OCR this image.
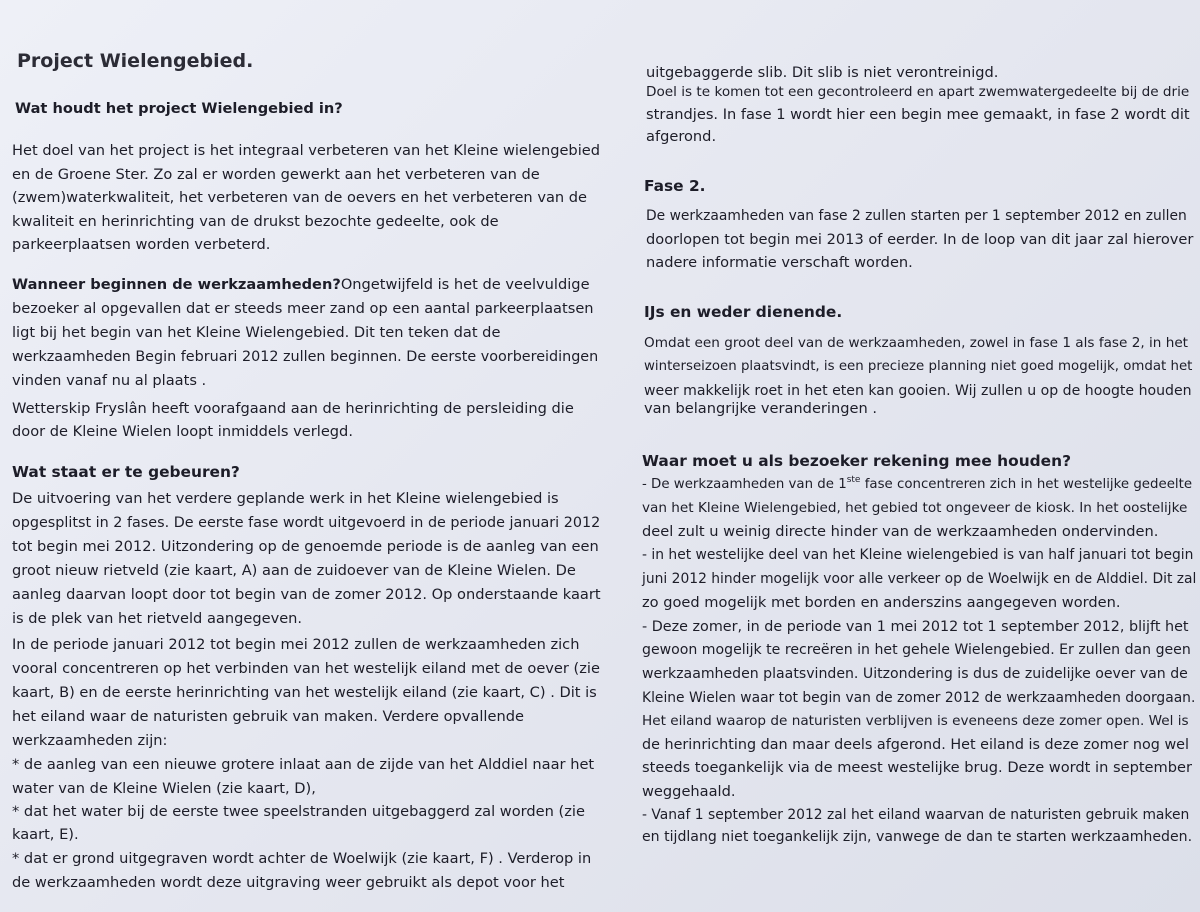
Project Wielengebied.
Wat houdt het project Wielengebied in?
Het doel van het project is het integraal verbeteren van het Kleine wielengebied
en de Groene Ster. Zo zal er worden gewerkt aan het verbeteren van de
(zwem)waterkwaliteit, het verbeteren van de oevers en het verbeteren van de
kwaliteit en herinrichting van de drukst bezochte gedeelte, ook de
parkeerplaatsen worden verbeterd.
Wanneer beginnen de werkzaamheden?Ongetwijfeld is het de veelvuldige
bezoeker al opgevallen dat er steeds meer zand op een aantal parkeerplaatsen
ligt bij het begin van het Kleine Wielengebied. Dit ten teken dat de
werkzaamheden Begin februari 2012 zullen beginnen. De eerste voorbereidingen
vinden vanaf nu al plaats .
Wetterskip Fryslân heeft voorafgaand aan de herinrichting de persleiding die
door de Kleine Wielen loopt inmiddels verlegd.
Wat staat er te gebeuren?
De uitvoering van het verdere geplande werk in het Kleine wielengebied is
opgesplitst in 2 fases. De eerste fase wordt uitgevoerd in de periode januari 2012
tot begin mei 2012. Uitzondering op de genoemde periode is de aanleg van een
groot nieuw rietveld (zie kaart, A) aan de zuidoever van de Kleine Wielen. De
aanleg daarvan loopt door tot begin van de zomer 2012. Op onderstaande kaart
is de plek van het rietveld aangegeven.
In de periode januari 2012 tot begin mei 2012 zullen de werkzaamheden zich
vooral concentreren op het verbinden van het westelijk eiland met de oever (zie
kaart, B) en de eerste herinrichting van het westelijk eiland (zie kaart, C) . Dit is
het eiland waar de naturisten gebruik van maken. Verdere opvallende
werkzaamheden zijn:
* de aanleg van een nieuwe grotere inlaat aan de zijde van het Alddiel naar het
water van de Kleine Wielen (zie kaart, D),
* dat het water bij de eerste twee speelstranden uitgebaggerd zal worden (zie
kaart, E).
* dat er grond uitgegraven wordt achter de Woelwijk (zie kaart, F) . Verderop in
de werkzaamheden wordt deze uitgraving weer gebruikt als depot voor het
uitgebaggerde slib. Dit slib is niet verontreinigd.
Doel is te komen tot een gecontroleerd en apart zwemwatergedeelte bij de drie
strandjes. In fase 1 wordt hier een begin mee gemaakt, in fase 2 wordt dit
afgerond.
Fase 2.
De werkzaamheden van fase 2 zullen starten per 1 september 2012 en zullen
doorlopen tot begin mei 2013 of eerder. In de loop van dit jaar zal hierover
nadere informatie verschaft worden.
IJs en weder dienende.
Omdat een groot deel van de werkzaamheden, zowel in fase 1 als fase 2, in het
winterseizoen plaatsvindt, is een precieze planning niet goed mogelijk, omdat het
weer makkelijk roet in het eten kan gooien. Wij zullen u op de hoogte houden
van belangrijke veranderingen .
Waar moet u als bezoeker rekening mee houden?
- De werkzaamheden van de 1ste fase concentreren zich in het westelijke gedeelte
van het Kleine Wielengebied, het gebied tot ongeveer de kiosk. In het oostelijke
deel zult u weinig directe hinder van de werkzaamheden ondervinden.
- in het westelijke deel van het Kleine wielengebied is van half januari tot begin
juni 2012 hinder mogelijk voor alle verkeer op de Woelwijk en de Alddiel. Dit zal
zo goed mogelijk met borden en anderszins aangegeven worden.
- Deze zomer, in de periode van 1 mei 2012 tot 1 september 2012, blijft het
gewoon mogelijk te recreëren in het gehele Wielengebied. Er zullen dan geen
werkzaamheden plaatsvinden. Uitzondering is dus de zuidelijke oever van de
Kleine Wielen waar tot begin van de zomer 2012 de werkzaamheden doorgaan.
Het eiland waarop de naturisten verblijven is eveneens deze zomer open. Wel is
de herinrichting dan maar deels afgerond. Het eiland is deze zomer nog wel
steeds toegankelijk via de meest westelijke brug. Deze wordt in september
weggehaald.
- Vanaf 1 september 2012 zal het eiland waarvan de naturisten gebruik maken
en tijdlang niet toegankelijk zijn, vanwege de dan te starten werkzaamheden.
